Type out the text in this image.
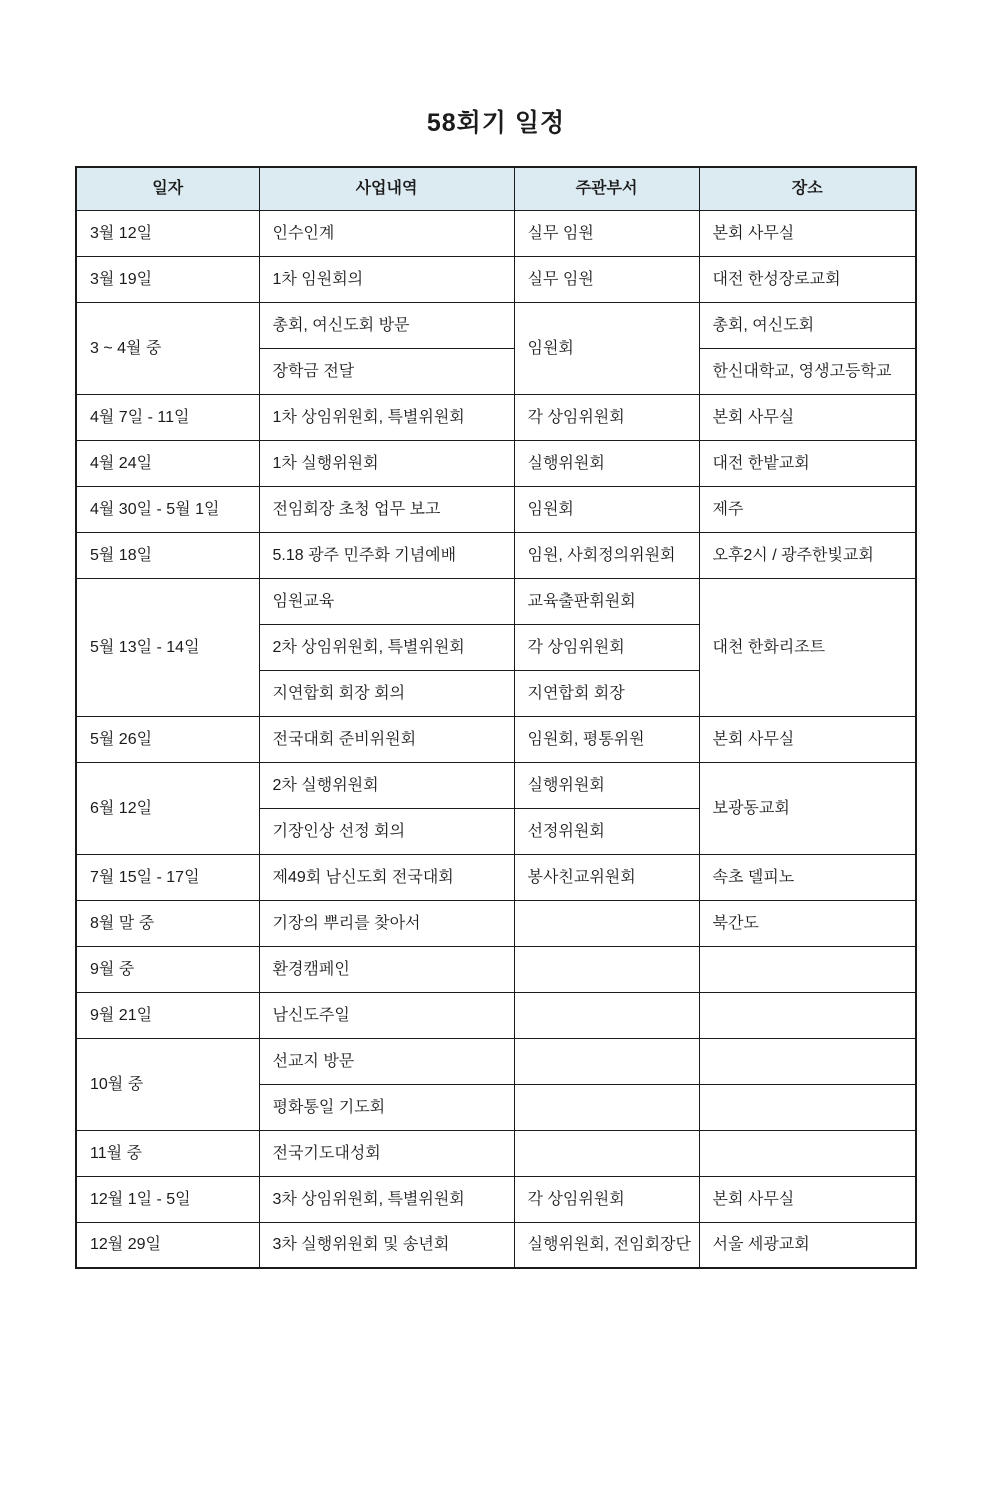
58회기 일정
일자	사업내역	주관부서	장소
3월 12일	인수인계	실무 임원	본회 사무실
3월 19일	1차 임원회의	실무 임원	대전 한성장로교회
3 ~ 4월 중	총회, 여신도회 방문	임원회	총회, 여신도회
	장학금 전달		한신대학교, 영생고등학교
4월 7일 - 11일	1차 상임위원회, 특별위원회	각 상임위원회	본회 사무실
4월 24일	1차 실행위원회	실행위원회	대전 한밭교회
4월 30일 - 5월 1일	전임회장 초청 업무 보고	임원회	제주
5월 18일	5.18 광주 민주화 기념예배	임원, 사회정의위원회	오후2시 / 광주한빛교회
5월 13일 - 14일	임원교육	교육출판휘원회	대천 한화리조트
	2차 상임위원회, 특별위원회	각 상임위원회	
	지연합회 회장 회의	지연합회 회장	
5월 26일	전국대회 준비위원회	임원회, 평통위원	본회 사무실
6월 12일	2차 실행위원회	실행위원회	보광동교회
	기장인상 선정 회의	선정위원회	
7월 15일 - 17일	제49회 남신도회 전국대회	봉사친교위원회	속초 델피노
8월 말 중	기장의 뿌리를 찾아서		북간도
9월 중	환경캠페인		
9월 21일	남신도주일		
10월 중	선교지 방문		
	평화통일 기도회		
11월 중	전국기도대성회		
12월 1일 - 5일	3차 상임위원회, 특별위원회	각 상임위원회	본회 사무실
12월 29일	3차 실행위원회 및 송년회	실행위원회, 전임회장단	서울 세광교회
